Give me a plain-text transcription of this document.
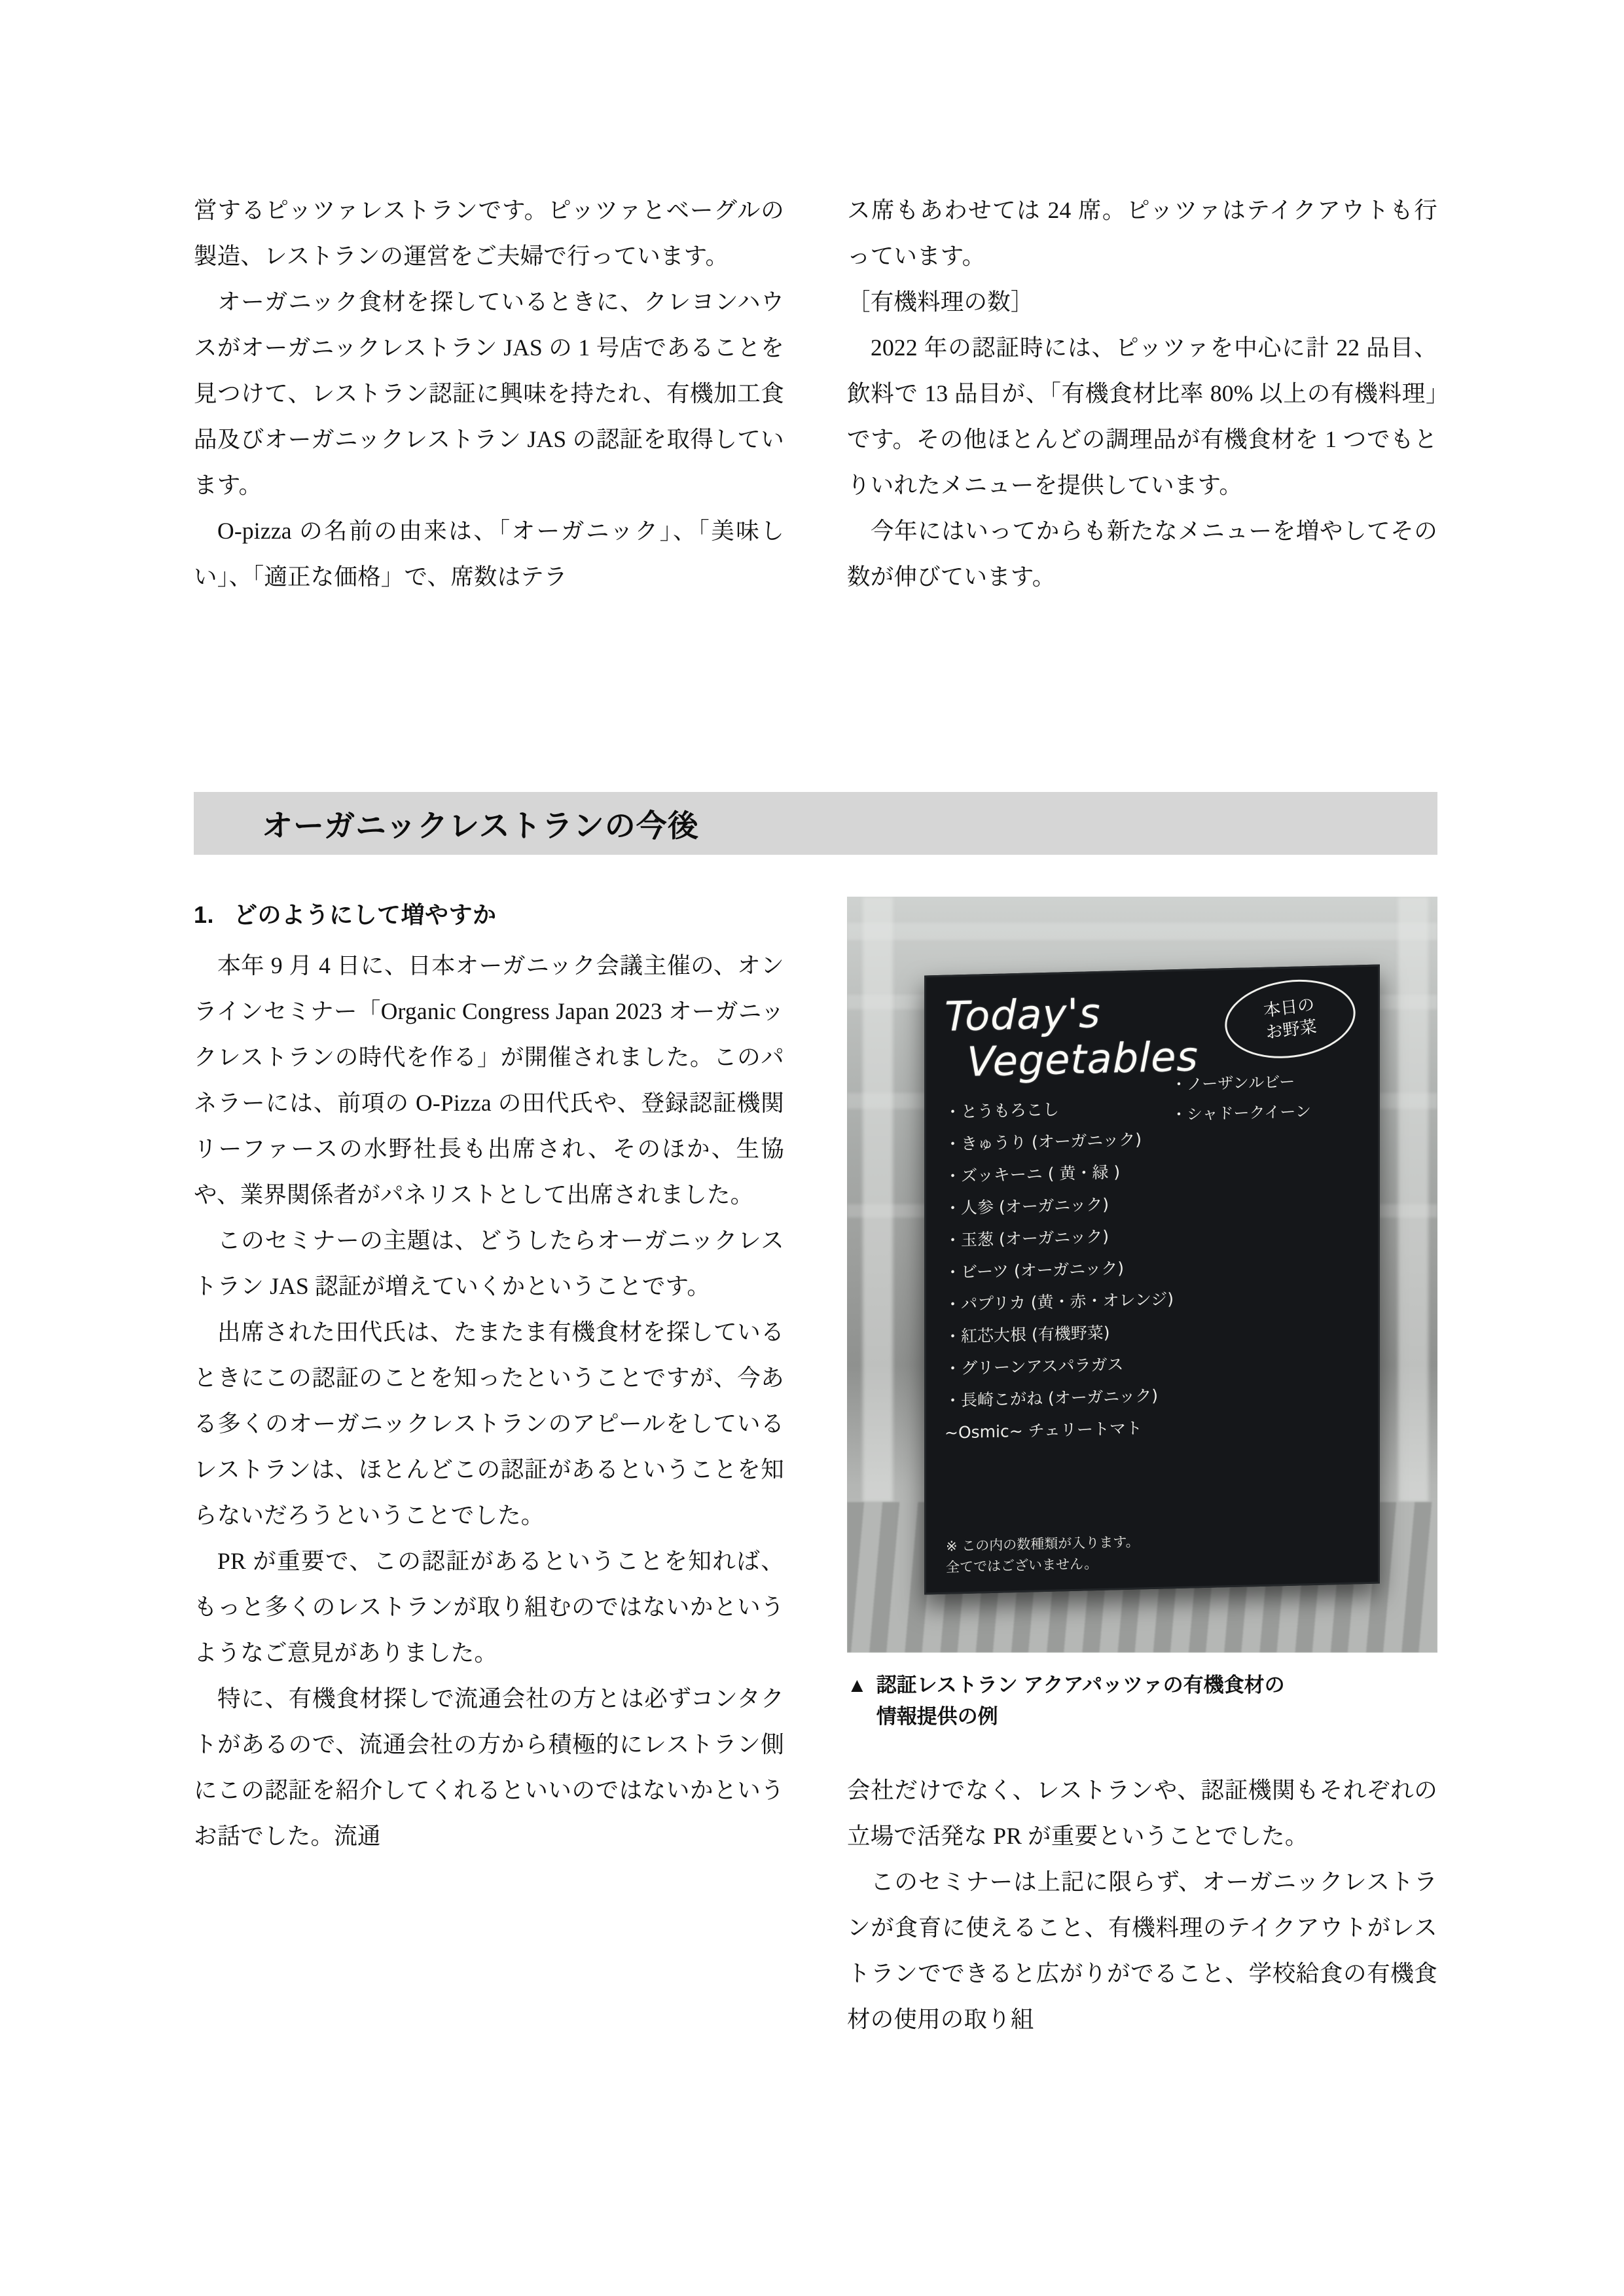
営するピッツァレストランです。ピッツァとベーグルの製造、レストランの運営をご夫婦で行っています。

オーガニック食材を探しているときに、クレヨンハウスがオーガニックレストラン JAS の 1 号店であることを見つけて、レストラン認証に興味を持たれ、有機加工食品及びオーガニックレストラン JAS の認証を取得しています。

O-pizza の名前の由来は、「オーガニック」、「美味しい」、「適正な価格」で、席数はテラ

ス席もあわせては 24 席。ピッツァはテイクアウトも行っています。

［有機料理の数］

2022 年の認証時には、ピッツァを中心に計 22 品目、飲料で 13 品目が、「有機食材比率 80% 以上の有機料理」です。その他ほとんどの調理品が有機食材を 1 つでもとりいれたメニューを提供しています。

今年にはいってからも新たなメニューを増やしてその数が伸びています。

オーガニックレストランの今後
1. どのようにして増やすか

本年 9 月 4 日に、日本オーガニック会議主催の、オンラインセミナー「Organic Congress Japan 2023 オーガニックレストランの時代を作る」が開催されました。このパネラーには、前項の O-Pizza の田代氏や、登録認証機関リーファースの水野社長も出席され、そのほか、生協や、業界関係者がパネリストとして出席されました。

このセミナーの主題は、どうしたらオーガニックレストラン JAS 認証が増えていくかということです。

出席された田代氏は、たまたま有機食材を探しているときにこの認証のことを知ったということですが、今ある多くのオーガニックレストランのアピールをしているレストランは、ほとんどこの認証があるということを知らないだろうということでした。

PR が重要で、この認証があるということを知れば、もっと多くのレストランが取り組むのではないかというようなご意見がありました。

特に、有機食材探しで流通会社の方とは必ずコンタクトがあるので、流通会社の方から積極的にレストラン側にこの認証を紹介してくれるといいのではないかというお話でした。流通

Today's
Vegetables
本日の
お野菜
・とうもろこし
・きゅうり (オーガニック)
・ズッキーニ ( 黄・緑 )
・人参 (オーガニック)
・玉葱 (オーガニック)
・ビーツ (オーガニック)
・パプリカ (黄・赤・オレンジ)
・紅芯大根 (有機野菜)
・グリーンアスパラガス
・長崎こがね (オーガニック)
~Osmic~ チェリートマト
・ノーザンルビー
・シャドークイーン
※ この内の数種類が入ります。
全てではございません。
▲ 認証レストラン アクアパッツァの有機食材の
情報提供の例

会社だけでなく、レストランや、認証機関もそれぞれの立場で活発な PR が重要ということでした。

このセミナーは上記に限らず、オーガニックレストランが食育に使えること、有機料理のテイクアウトがレストランでできると広がりがでること、学校給食の有機食材の使用の取り組
